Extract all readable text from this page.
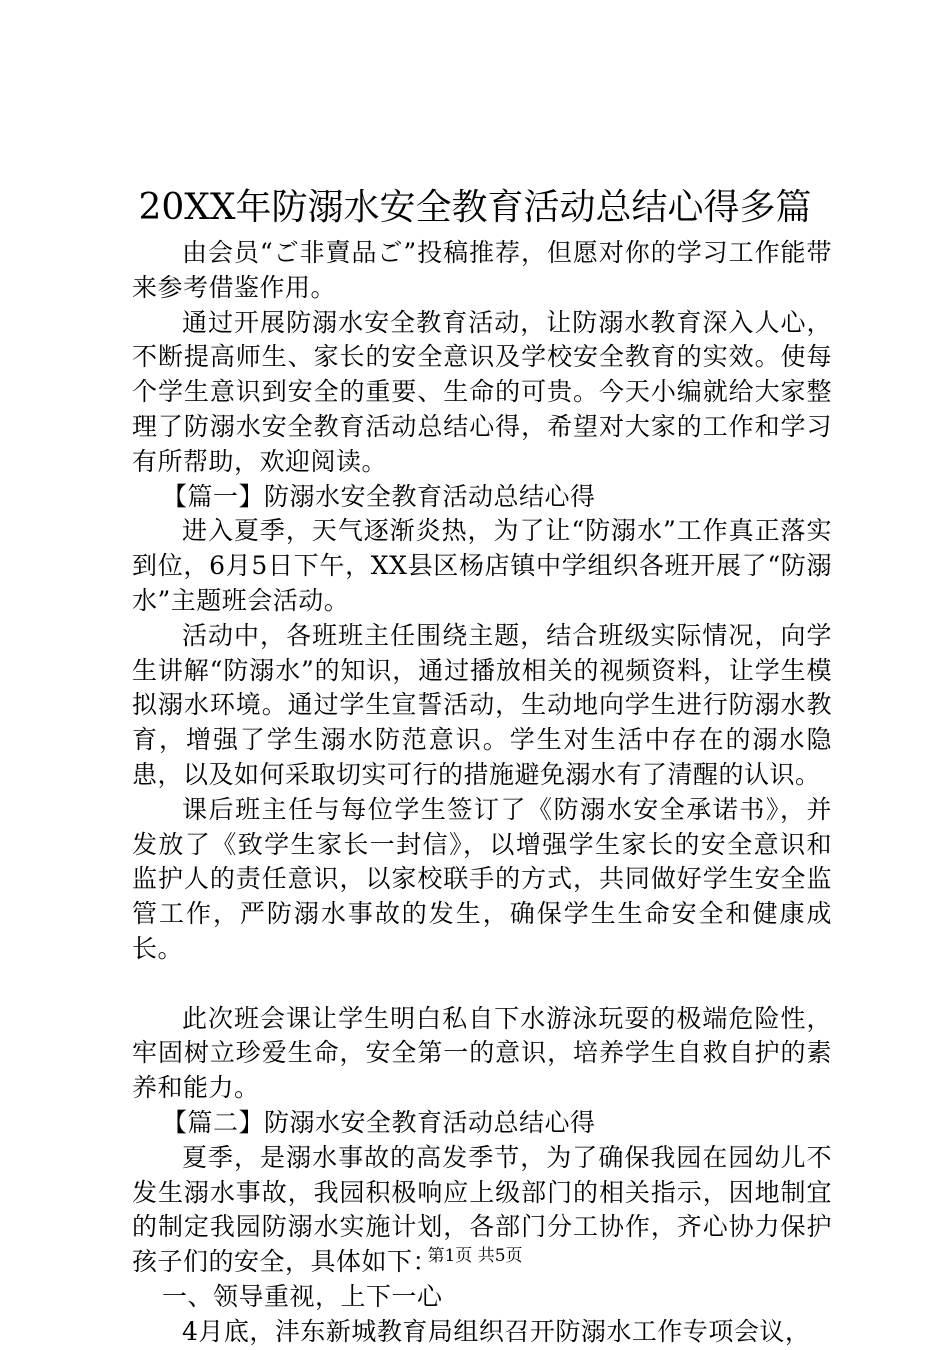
20XX年防溺水安全教育活动总结心得多篇

由会员“ご非賣品ご”投稿推荐，但愿对你的学习工作能带来参考借鉴作用。

通过开展防溺水安全教育活动，让防溺水教育深入人心，不断提高师生、家长的安全意识及学校安全教育的实效。使每个学生意识到安全的重要、生命的可贵。今天小编就给大家整理了防溺水安全教育活动总结心得，希望对大家的工作和学习有所帮助，欢迎阅读。

【篇一】防溺水安全教育活动总结心得

进入夏季，天气逐渐炎热，为了让“防溺水”工作真正落实到位，6月5日下午，XX县区杨店镇中学组织各班开展了“防溺水”主题班会活动。

活动中，各班班主任围绕主题，结合班级实际情况，向学生讲解“防溺水”的知识，通过播放相关的视频资料，让学生模拟溺水环境。通过学生宣誓活动，生动地向学生进行防溺水教育，增强了学生溺水防范意识。学生对生活中存在的溺水隐患，以及如何采取切实可行的措施避免溺水有了清醒的认识。

课后班主任与每位学生签订了《防溺水安全承诺书》，并发放了《致学生家长一封信》，以增强学生家长的安全意识和监护人的责任意识，以家校联手的方式，共同做好学生安全监管工作，严防溺水事故的发生，确保学生生命安全和健康成长。

此次班会课让学生明白私自下水游泳玩耍的极端危险性，牢固树立珍爱生命，安全第一的意识，培养学生自救自护的素养和能力。

【篇二】防溺水安全教育活动总结心得

夏季，是溺水事故的高发季节，为了确保我园在园幼儿不发生溺水事故，我园积极响应上级部门的相关指示，因地制宜的制定我园防溺水实施计划，各部门分工协作，齐心协力保护孩子们的安全，具体如下：

一、领导重视，上下一心

4月底，沣东新城教育局组织召开防溺水工作专项会议，

第1页 共5页
